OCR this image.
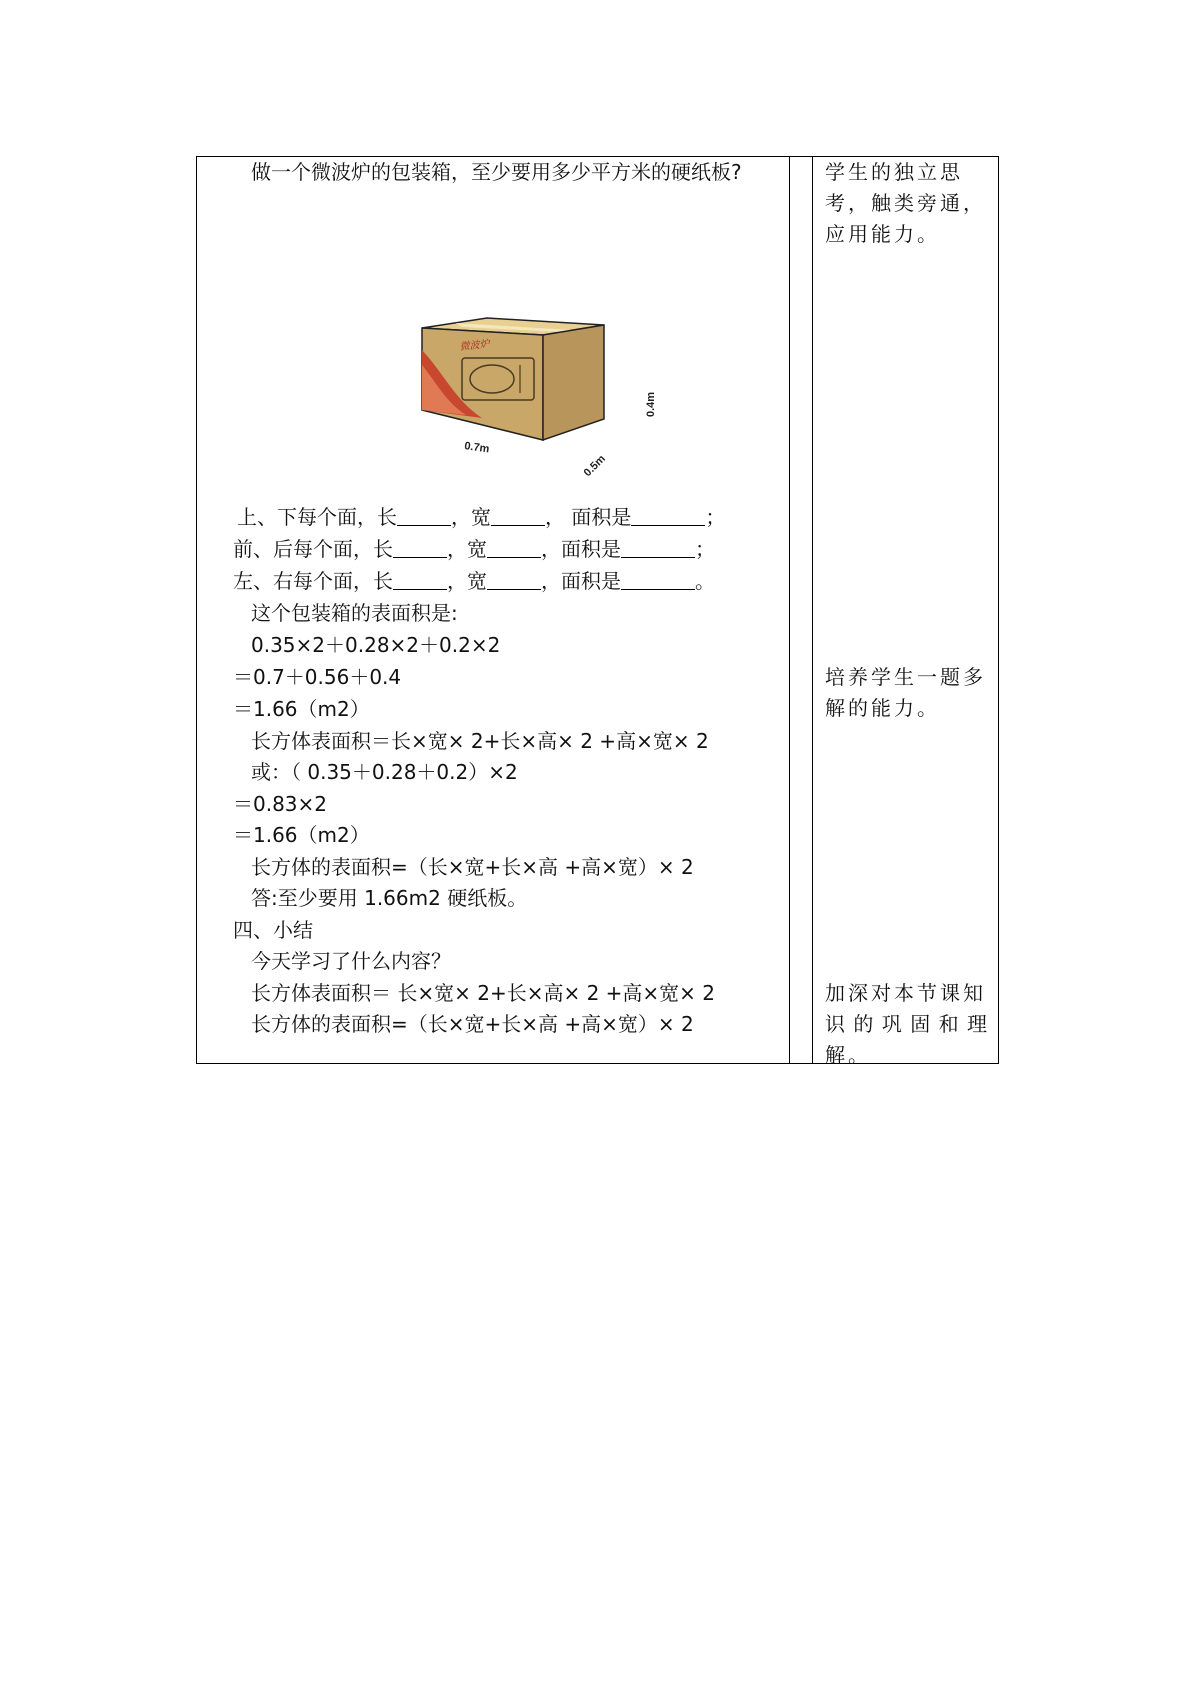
做一个微波炉的包装箱，至少要用多少平方米的硬纸板?
微波炉
0.7m
0.5m
0.4m
上、下每个面，长	，宽	， 面积是	；
前、后每个面，长	，宽	，面积是	；
左、右每个面，长	，宽	，面积是	。
这个包装箱的表面积是:
0.35×2＋0.28×2＋0.2×2
＝0.7＋0.56＋0.4
＝1.66（m2）
长方体表面积＝长×宽× 2+长×高× 2 +高×宽× 2
或：（ 0.35＋0.28＋0.2）×2
＝0.83×2
＝1.66（m2）
长方体的表面积=（长×宽+长×高 +高×宽）× 2
答:至少要用 1.66m2 硬纸板。
四、小结
今天学习了什么内容？
长方体表面积＝ 长×宽× 2+长×高× 2 +高×宽× 2
长方体的表面积=（长×宽+长×高 +高×宽）× 2
学生的独立思
考，触类旁通，
应用能力。
培养学生一题多
解的能力。
加深对本节课知
识的巩固和理解。
